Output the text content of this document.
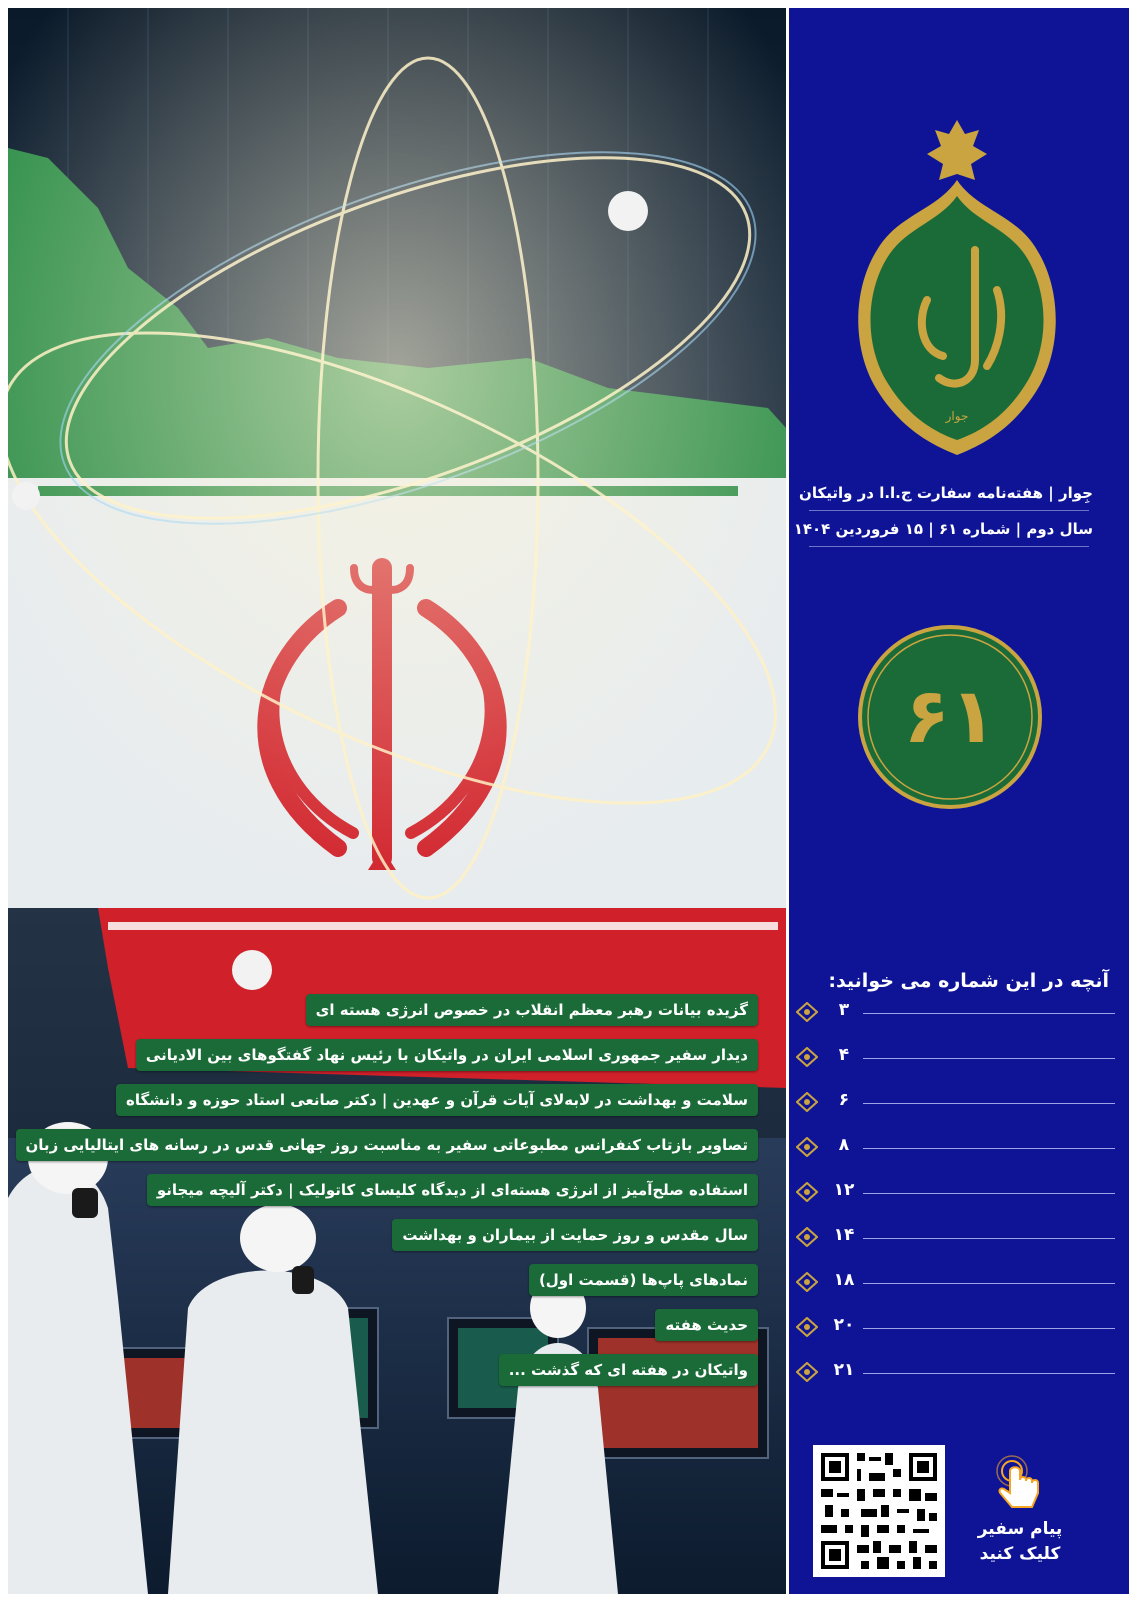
گزیده بیانات رهبر معظم انقلاب در خصوص انرژی هسته ای
دیدار سفیر جمهوری اسلامی ایران در واتیکان با رئیس نهاد گفتگوهای بین الادیانی
سلامت و بهداشت در لابه‌لای آیات قرآن و عهدین | دکتر صانعی استاد حوزه و دانشگاه
تصاویر بازتاب کنفرانس مطبوعاتی سفیر به مناسبت روز جهانی قدس در رسانه های ایتالیایی زبان
استفاده صلح‌آمیز از انرژی هسته‌ای از دیدگاه کلیسای کاتولیک | دکتر آلیچه میجانو
سال مقدس و روز حمایت از بیماران و بهداشت
نمادهای پاپ‌ها (قسمت اول)
حدیث هفته
واتیکان در هفته ای که گذشت ...
جوار
جِوار | هفته‌نامه سفارت ج.ا.ا در واتیکان
سال دوم | شماره ۶۱ | ۱۵ فروردین ۱۴۰۴
۶۱
آنچه در این شماره می خوانید:
۳
۴
۶
۸
۱۲
۱۴
۱۸
۲۰
۲۱
پیام سفیر
کلیک کنید
